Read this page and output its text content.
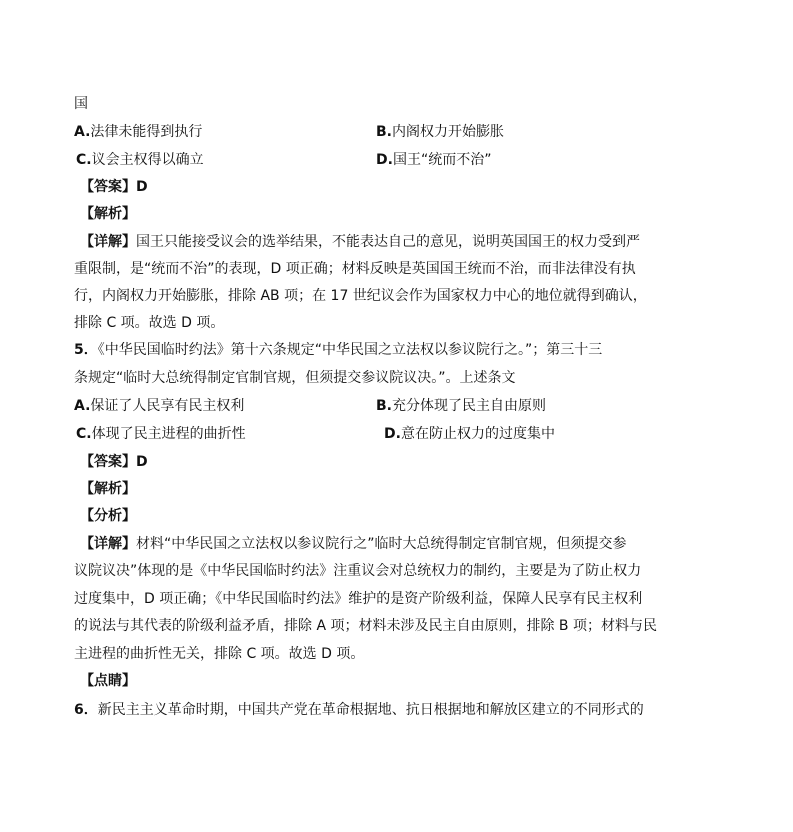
国
A.法律未能得到执行	B.内阁权力开始膨胀
C.议会主权得以确立	D.国王“统而不治”
【答案】D
【解析】
【详解】国王只能接受议会的选举结果，不能表达自己的意见，说明英国国王的权力受到严
重限制，是“统而不治”的表现，D 项正确；材料反映是英国国王统而不治，而非法律没有执
行，内阁权力开始膨胀，排除 AB 项；在 17 世纪议会作为国家权力中心的地位就得到确认，
排除 C 项。故选 D 项。
5．《中华民国临时约法》第十六条规定“中华民国之立法权以参议院行之。”；第三十三
条规定“临时大总统得制定官制官规，但须提交参议院议决。”。上述条文
A.保证了人民享有民主权利	B.充分体现了民主自由原则
C.体现了民主进程的曲折性	D.意在防止权力的过度集中
【答案】D
【解析】
【分析】
【详解】材料“中华民国之立法权以参议院行之”临时大总统得制定官制官规，但须提交参
议院议决”体现的是《中华民国临时约法》注重议会对总统权力的制约，主要是为了防止权力
过度集中，D 项正确；《中华民国临时约法》维护的是资产阶级利益，保障人民享有民主权利
的说法与其代表的阶级利益矛盾，排除 A 项；材料未涉及民主自由原则，排除 B 项；材料与民
主进程的曲折性无关，排除 C 项。故选 D 项。
【点睛】
6．新民主主义革命时期，中国共产党在革命根据地、抗日根据地和解放区建立的不同形式的
